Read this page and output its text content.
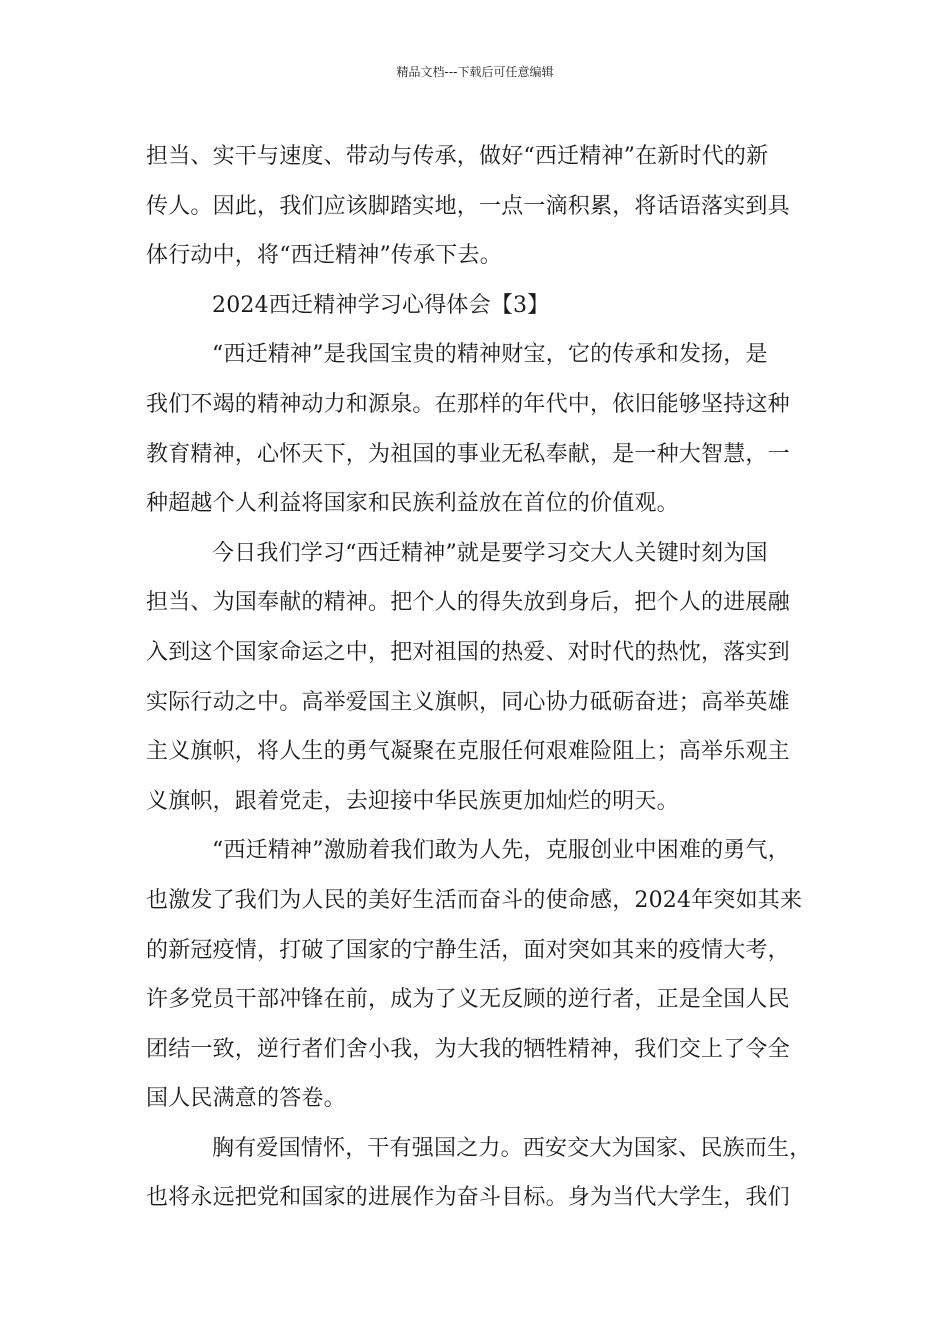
精品文档---下载后可任意编辑
担当、实干与速度、带动与传承，做好“西迁精神”在新时代的新
传人。因此，我们应该脚踏实地，一点一滴积累，将话语落实到具
体行动中，将“西迁精神”传承下去。
2024西迁精神学习心得体会【3】
“西迁精神”是我国宝贵的精神财宝，它的传承和发扬，是
我们不竭的精神动力和源泉。在那样的年代中，依旧能够坚持这种
教育精神，心怀天下，为祖国的事业无私奉献，是一种大智慧，一
种超越个人利益将国家和民族利益放在首位的价值观。
今日我们学习“西迁精神”就是要学习交大人关键时刻为国
担当、为国奉献的精神。把个人的得失放到身后，把个人的进展融
入到这个国家命运之中，把对祖国的热爱、对时代的热忱，落实到
实际行动之中。高举爱国主义旗帜，同心协力砥砺奋进；高举英雄
主义旗帜，将人生的勇气凝聚在克服任何艰难险阻上；高举乐观主
义旗帜，跟着党走，去迎接中华民族更加灿烂的明天。
“西迁精神”激励着我们敢为人先，克服创业中困难的勇气，
也激发了我们为人民的美好生活而奋斗的使命感，2024年突如其来
的新冠疫情，打破了国家的宁静生活，面对突如其来的疫情大考，
许多党员干部冲锋在前，成为了义无反顾的逆行者，正是全国人民
团结一致，逆行者们舍小我，为大我的牺牲精神，我们交上了令全
国人民满意的答卷。
胸有爱国情怀，干有强国之力。西安交大为国家、民族而生，
也将永远把党和国家的进展作为奋斗目标。身为当代大学生，我们
